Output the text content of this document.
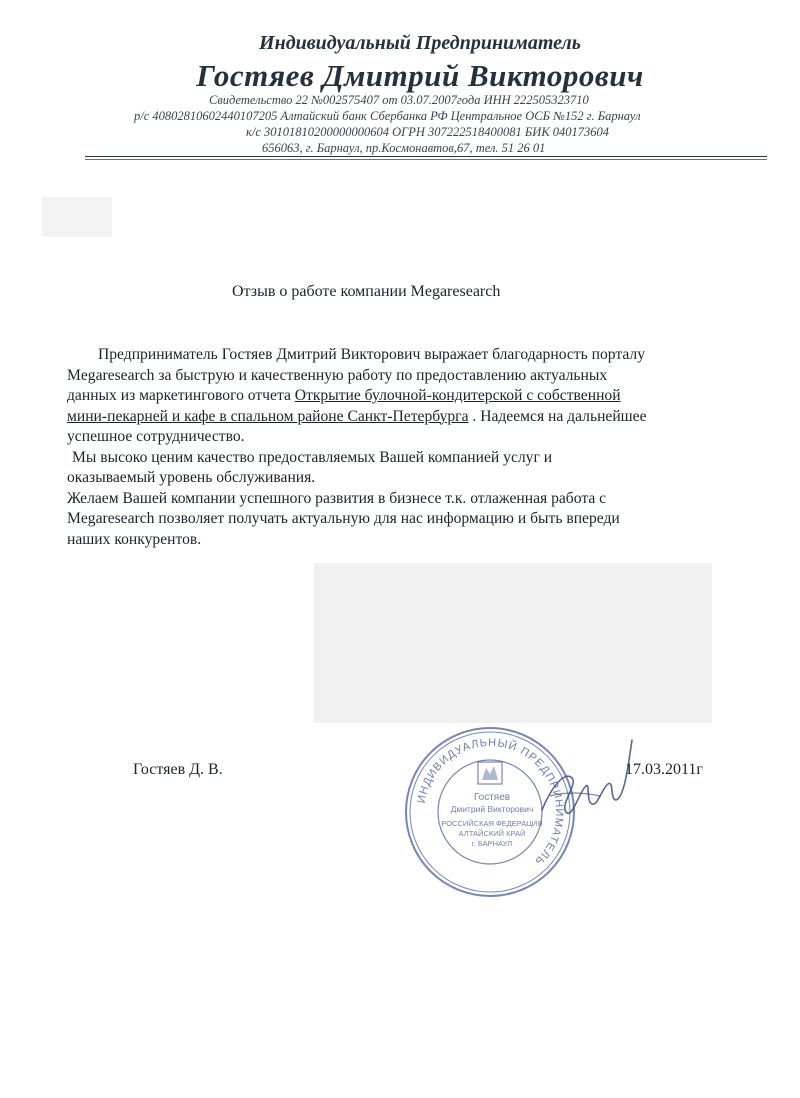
Индивидуальный Предприниматель
Гостяев Дмитрий Викторович
Свидетельство 22 №002575407 от 03.07.2007года ИНН 222505323710
р/с 40802810602440107205 Алтайский банк Сбербанка РФ Центральное ОСБ №152 г. Барнаул
к/с 30101810200000000604 ОГРН 307222518400081 БИК 040173604
656063, г. Барнаул, пр.Космонавтов,67, тел. 51 26 01
Отзыв о работе компании Megaresearch

Предприниматель Гостяев Дмитрий Викторович выражает благодарность порталу

Megaresearch за быструю и качественную работу по предоставлению актуальных

данных из маркетингового отчета Открытие булочной-кондитерской с собственной

мини-пекарней и кафе в спальном районе Санкт-Петербурга . Надеемся на дальнейшее

успешное сотрудничество.

Мы высоко ценим качество предоставляемых Вашей компанией услуг и

оказываемый уровень обслуживания.

Желаем Вашей компании успешного развития в бизнесе т.к. отлаженная работа с

Megaresearch позволяет получать актуальную для нас информацию и быть впереди

наших конкурентов.

ИНДИВИДУАЛЬНЫЙ ПРЕДПРИНИМАТЕЛЬ
Гостяев
Дмитрий Викторович
РОССИЙСКАЯ ФЕДЕРАЦИЯ
АЛТАЙСКИЙ КРАЙ
г. БАРНАУЛ
Гостяев Д. В.	17.03.2011г
